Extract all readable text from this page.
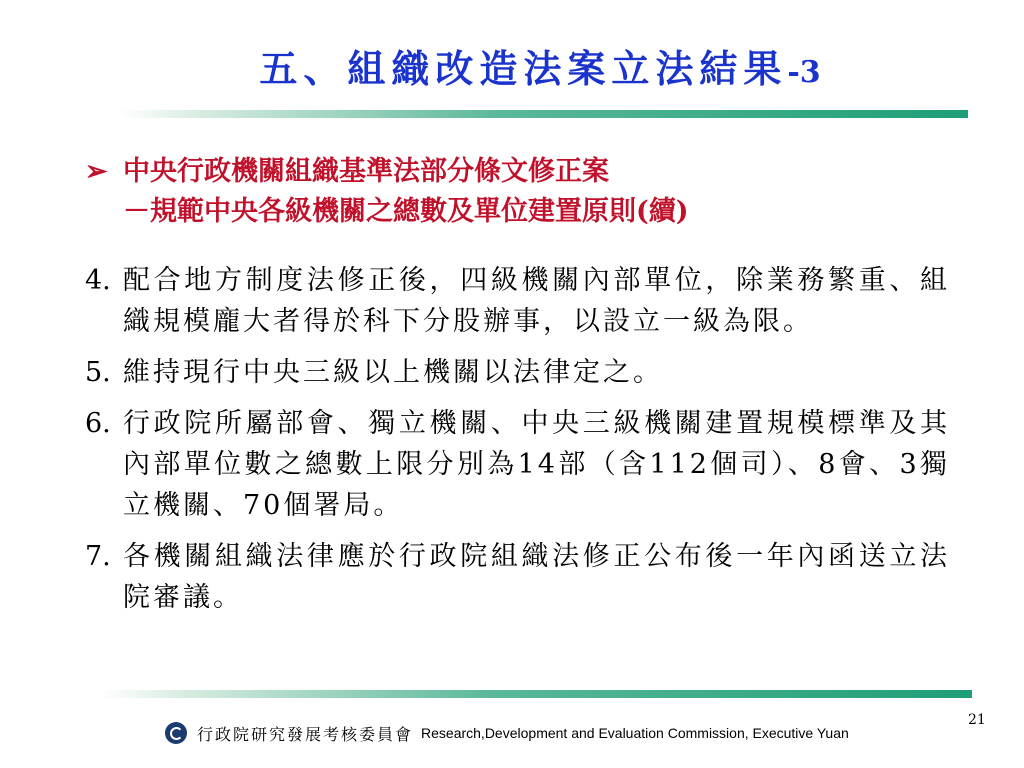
五、組織改造法案立法結果-3
➢ 中央行政機關組織基準法部分條文修正案
－規範中央各級機關之總數及單位建置原則(續)
4. 配合地方制度法修正後，四級機關內部單位，除業務繁重、組織規模龐大者得於科下分股辦事，以設立一級為限。
5. 維持現行中央三級以上機關以法律定之。
6. 行政院所屬部會、獨立機關、中央三級機關建置規模標準及其內部單位數之總數上限分別為14部（含112個司）、8會、3獨立機關、70個署局。
7. 各機關組織法律應於行政院組織法修正公布後一年內函送立法院審議。
21
行政院研究發展考核委員會 Research,Development and Evaluation Commission, Executive Yuan
